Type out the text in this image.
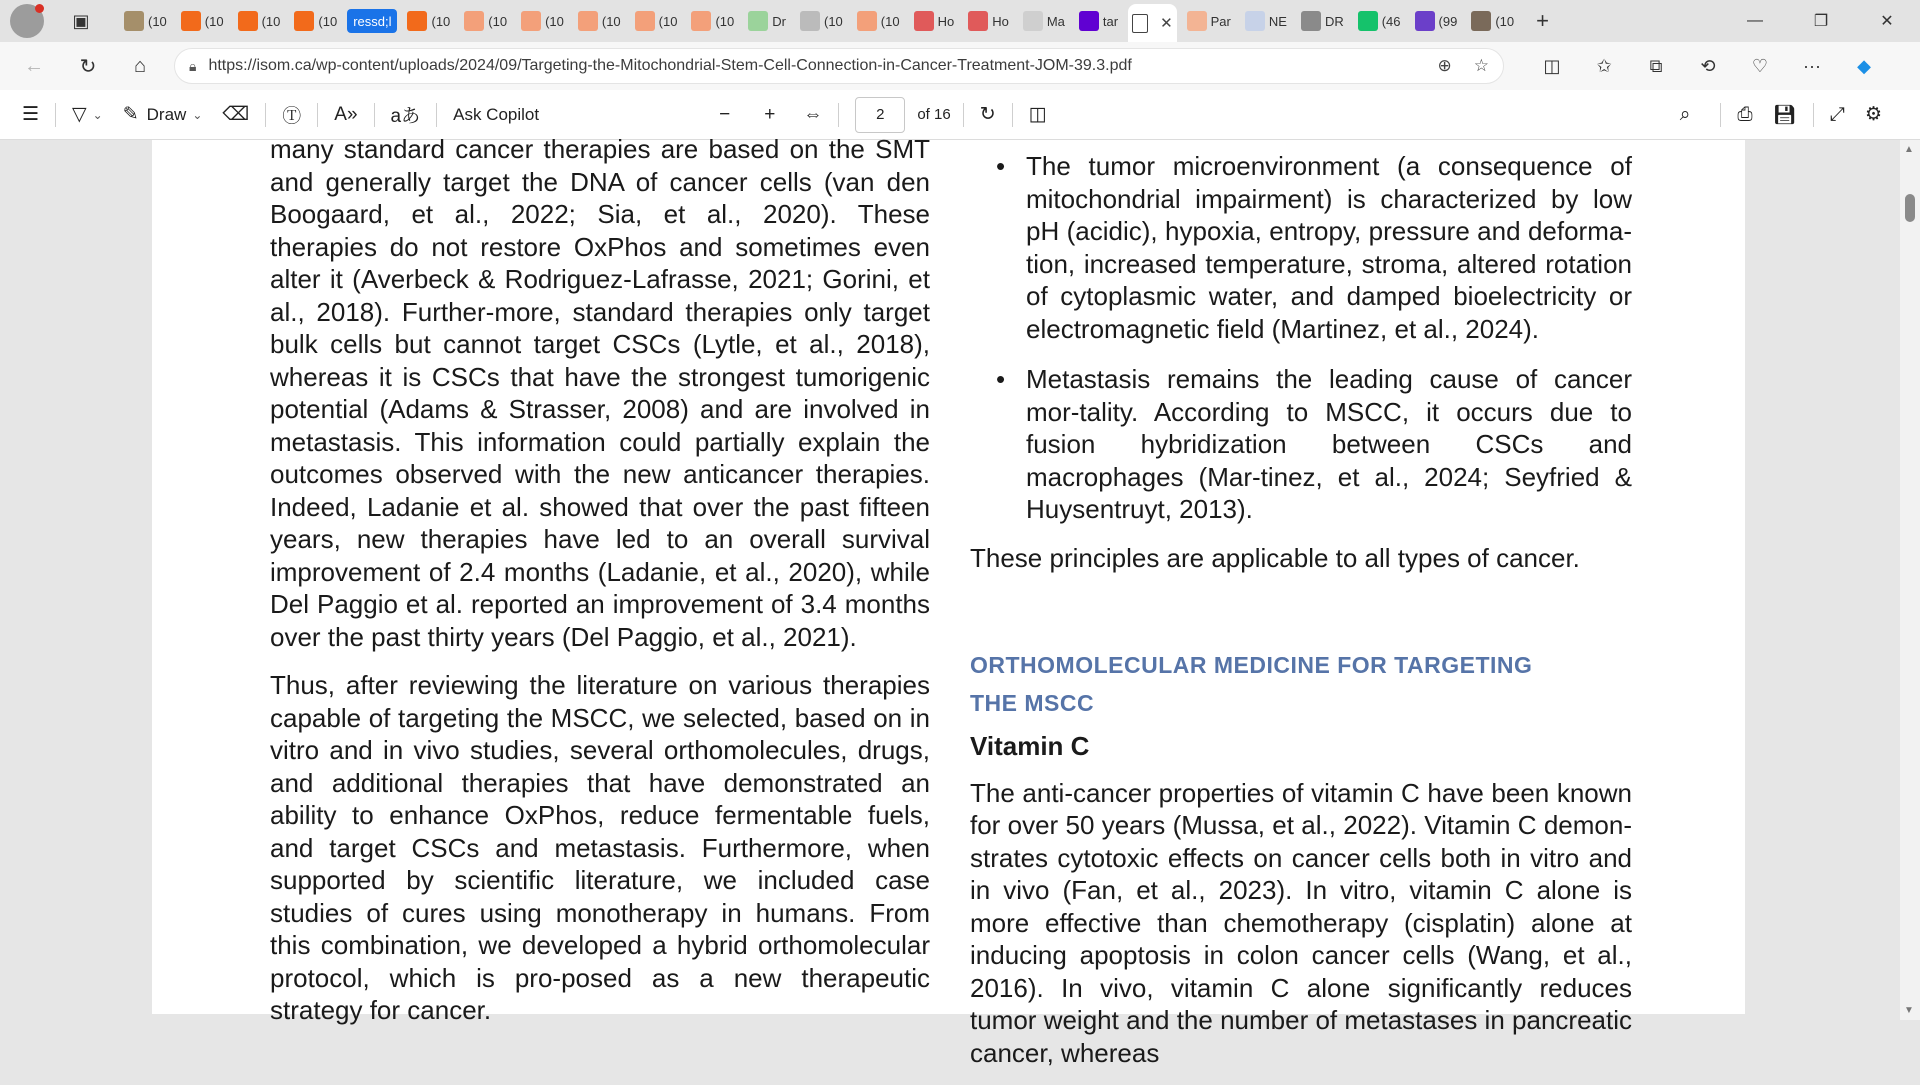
▣	(10	(10	(10	(10 ressd;l	(10	(10	(10	(10	(10	(10	Dr	(10	(10	Ho	Ho	Ma	tar	✕	Par	NE	DR	(46	(99	(10 +	—	❐	✕
←	↻	⌂	🔒︎ https://isom.ca/wp-content/uploads/2024/09/Targeting-the-Mitochondrial-Stem-Cell-Connection-in-Cancer-Treatment-JOM-39.3.pdf	⊕ ☆	◫	✩	⧉	⟲	♡	···	◆
☰ ▽ ⌄ ✎ Draw ⌄ ⌫ Ⓣ A» aあ Ask Copilot	− + ⇔	2	of 16 ↻ ◫	⌕ ⎙ 💾︎ ⤢ ⚙

many standard cancer therapies are based on the SMT and generally target the DNA of cancer cells (van den Boogaard, et al., 2022; Sia, et al., 2020). These therapies do not restore OxPhos and sometimes even alter it (Averbeck & Rodriguez-Lafrasse, 2021; Gorini, et al., 2018). Further-more, standard therapies only target bulk cells but cannot target CSCs (Lytle, et al., 2018), whereas it is CSCs that have the strongest tumorigenic potential (Adams & Strasser, 2008) and are involved in metastasis. This information could partially explain the outcomes observed with the new anticancer therapies. Indeed, Ladanie et al. showed that over the past fifteen years, new therapies have led to an overall survival improvement of 2.4 months (Ladanie, et al., 2020), while Del Paggio et al. reported an improvement of 3.4 months over the past thirty years (Del Paggio, et al., 2021).

Thus, after reviewing the literature on various therapies capable of targeting the MSCC, we selected, based on in vitro and in vivo studies, several orthomolecules, drugs, and additional therapies that have demonstrated an ability to enhance OxPhos, reduce fermentable fuels, and target CSCs and metastasis. Furthermore, when supported by scientific literature, we included case studies of cures using monotherapy in humans. From this combination, we developed a hybrid orthomolecular protocol, which is pro-posed as a new therapeutic strategy for cancer.

• The tumor microenvironment (a consequence of mitochondrial impairment) is characterized by low pH (acidic), hypoxia, entropy, pressure and deforma-tion, increased temperature, stroma, altered rotation of cytoplasmic water, and damped bioelectricity or electromagnetic field (Martinez, et al., 2024).
• Metastasis remains the leading cause of cancer mor-tality. According to MSCC, it occurs due to fusion hybridization between CSCs and macrophages (Mar-tinez, et al., 2024; Seyfried & Huysentruyt, 2013).

These principles are applicable to all types of cancer.

ORTHOMOLECULAR MEDICINE FOR TARGETING
THE MSCC
Vitamin C

The anti-cancer properties of vitamin C have been known for over 50 years (Mussa, et al., 2022). Vitamin C demon-strates cytotoxic effects on cancer cells both in vitro and in vivo (Fan, et al., 2023). In vitro, vitamin C alone is more effective than chemotherapy (cisplatin) alone at inducing apoptosis in colon cancer cells (Wang, et al., 2016). In vivo, vitamin C alone significantly reduces tumor weight and the number of metastases in pancreatic cancer, whereas

▲
▼
